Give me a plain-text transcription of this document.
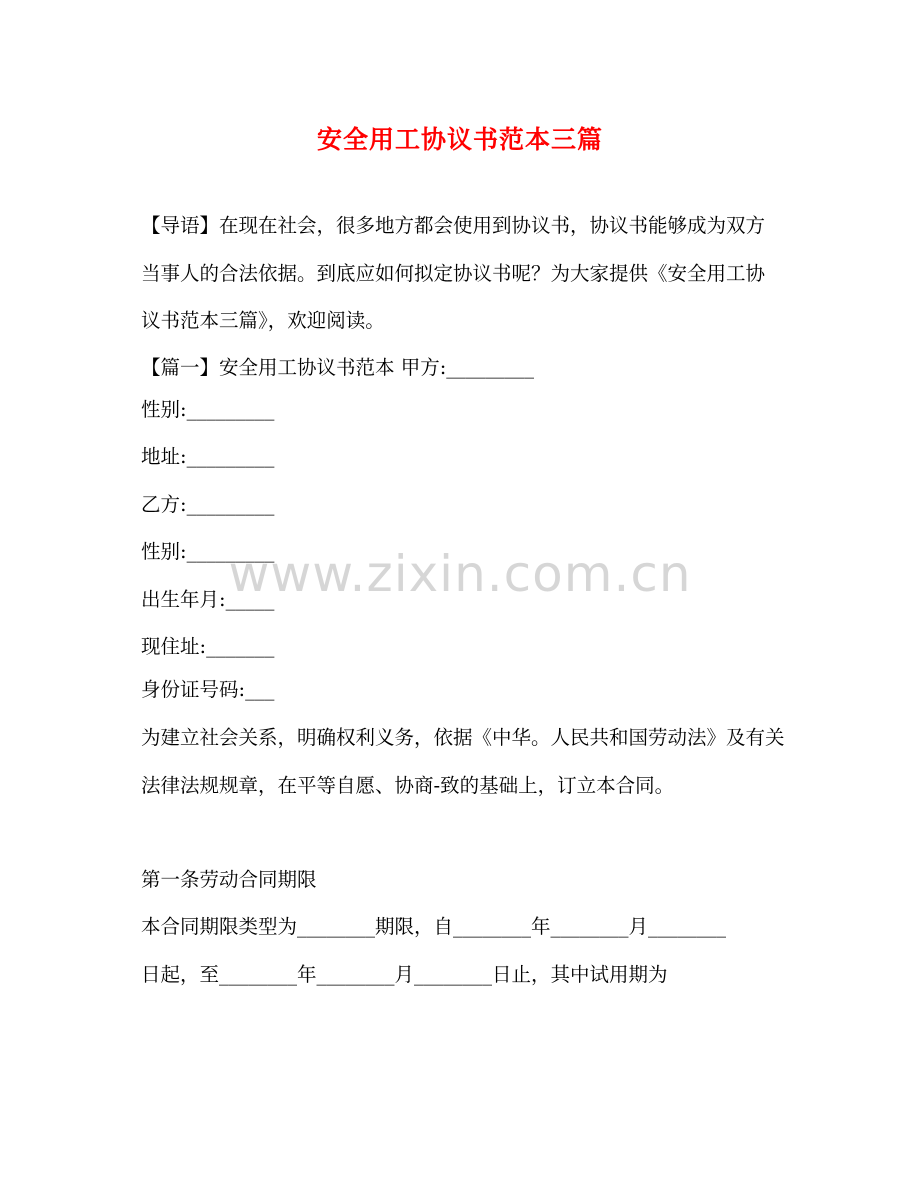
安全用工协议书范本三篇
【导语】在现在社会，很多地方都会使用到协议书，协议书能够成为双方当事人的合法依据。到底应如何拟定协议书呢？为大家提供《安全用工协议书范本三篇》，欢迎阅读。
【篇一】安全用工协议书范本 甲方:_________
性别:_________
地址:_________
乙方:_________
性别:_________
出生年月:_____
现住址:_______
身份证号码:___
为建立社会关系，明确权利义务，依据《中华。人民共和国劳动法》及有关法律法规规章，在平等自愿、协商-致的基础上，订立本合同。
第一条劳动合同期限
本合同期限类型为________期限，自________年________月________
日起，至________年________月________日止，其中试用期为
www.zixin.com.cn
